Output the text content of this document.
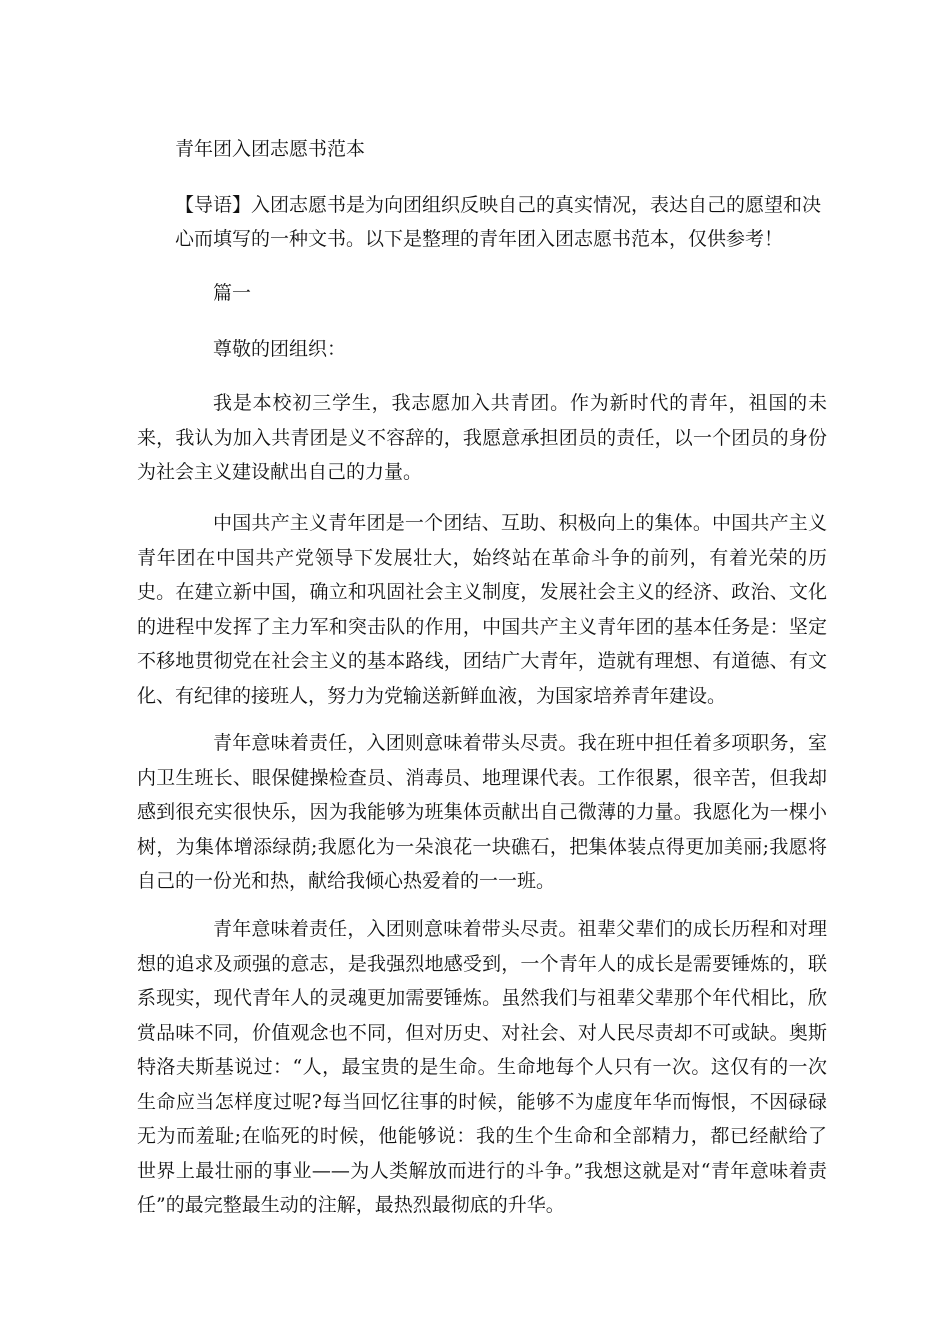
青年团入团志愿书范本
【导语】入团志愿书是为向团组织反映自己的真实情况，表达自己的愿望和决心而填写的一种文书。以下是整理的青年团入团志愿书范本，仅供参考！
篇一
尊敬的团组织：

我是本校初三学生，我志愿加入共青团。作为新时代的青年，祖国的未来，我认为加入共青团是义不容辞的，我愿意承担团员的责任，以一个团员的身份为社会主义建设献出自己的力量。

中国共产主义青年团是一个团结、互助、积极向上的集体。中国共产主义青年团在中国共产党领导下发展壮大，始终站在革命斗争的前列，有着光荣的历史。在建立新中国，确立和巩固社会主义制度，发展社会主义的经济、政治、文化的进程中发挥了主力军和突击队的作用，中国共产主义青年团的基本任务是：坚定不移地贯彻党在社会主义的基本路线，团结广大青年，造就有理想、有道德、有文化、有纪律的接班人，努力为党输送新鲜血液，为国家培养青年建设。

青年意味着责任，入团则意味着带头尽责。我在班中担任着多项职务，室内卫生班长、眼保健操检查员、消毒员、地理课代表。工作很累，很辛苦，但我却感到很充实很快乐，因为我能够为班集体贡献出自己微薄的力量。我愿化为一棵小树，为集体增添绿荫;我愿化为一朵浪花一块礁石，把集体装点得更加美丽;我愿将自己的一份光和热，献给我倾心热爱着的一一班。

青年意味着责任，入团则意味着带头尽责。祖辈父辈们的成长历程和对理想的追求及顽强的意志，是我强烈地感受到，一个青年人的成长是需要锤炼的，联系现实，现代青年人的灵魂更加需要锤炼。虽然我们与祖辈父辈那个年代相比，欣赏品味不同，价值观念也不同，但对历史、对社会、对人民尽责却不可或缺。奥斯特洛夫斯基说过：“人，最宝贵的是生命。生命地每个人只有一次。这仅有的一次生命应当怎样度过呢?每当回忆往事的时候，能够不为虚度年华而悔恨，不因碌碌无为而羞耻;在临死的时候，他能够说：我的生个生命和全部精力，都已经献给了世界上最壮丽的事业——为人类解放而进行的斗争。”我想这就是对“青年意味着责任”的最完整最生动的注解，最热烈最彻底的升华。
